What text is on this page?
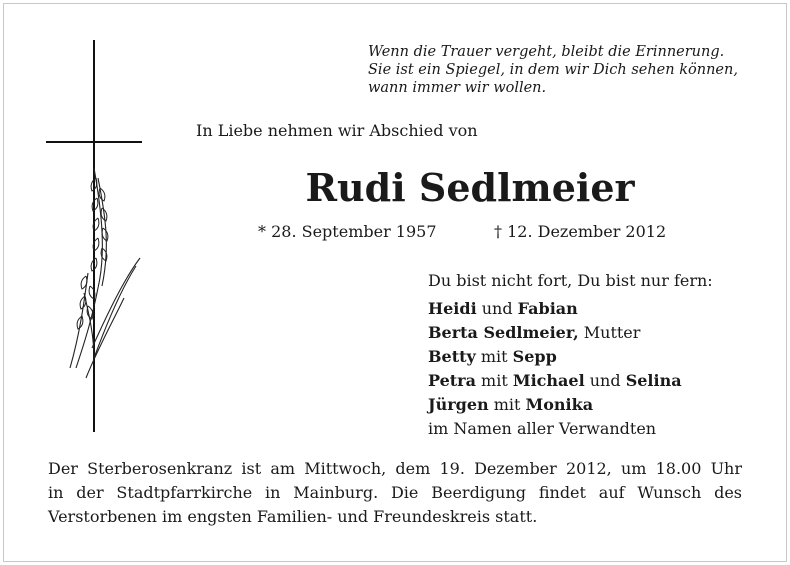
Wenn die Trauer vergeht, bleibt die Erinnerung.
Sie ist ein Spiegel, in dem wir Dich sehen können,
wann immer wir wollen.
In Liebe nehmen wir Abschied von
Rudi Sedlmeier
* 28. September 1957	† 12. Dezember 2012
Du bist nicht fort, Du bist nur fern:
Heidi und Fabian
Berta Sedlmeier, Mutter
Betty mit Sepp
Petra mit Michael und Selina
Jürgen mit Monika
im Namen aller Verwandten
Der Sterberosenkranz ist am Mittwoch, dem 19. Dezember 2012, um 18.00 Uhr
in der Stadtpfarrkirche in Mainburg. Die Beerdigung findet auf Wunsch des
Verstorbenen im engsten Familien- und Freundeskreis statt.
